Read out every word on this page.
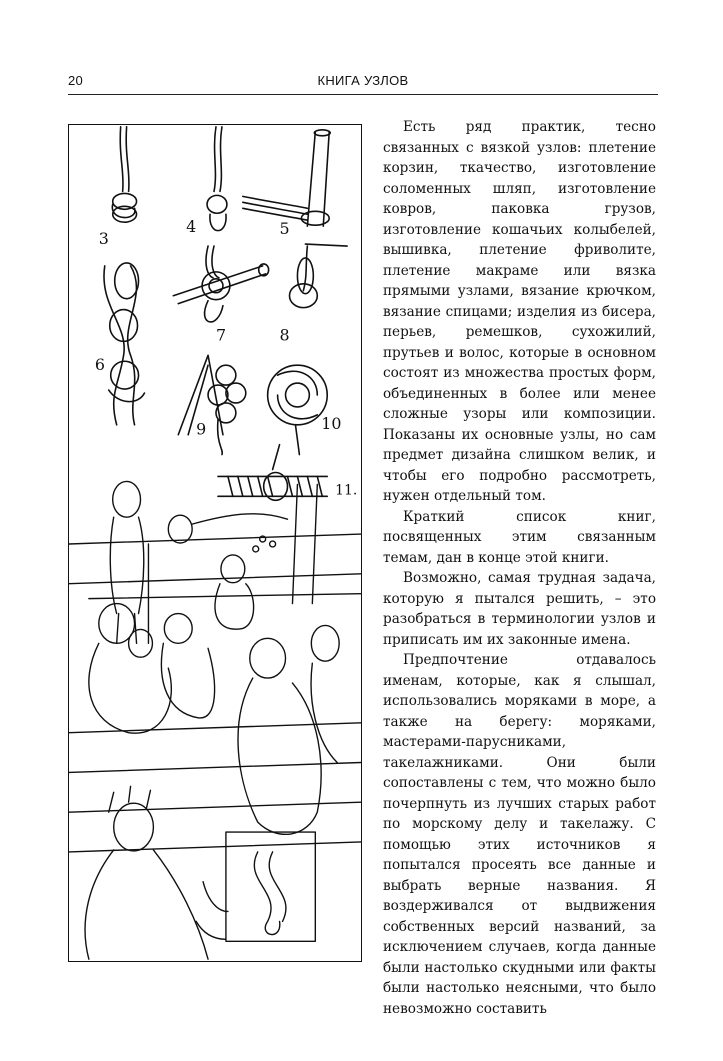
20	КНИГА УЗЛОВ
3
4	5
6
7	8
9	10
11.

Есть ряд практик, тесно связанных с вязкой узлов: плетение корзин, ткачество, изготовление соломенных шляп, изготовление ковров, паковка грузов, изготовление кошачьих колыбелей, вышивка, плетение фриволите, плетение макраме или вязка прямыми узлами, вязание крючком, вязание спицами; изделия из бисера, перьев, ремешков, сухожилий, прутьев и волос, которые в основном состоят из множества простых форм, объединенных в более или менее сложные узоры или композиции. Показаны их основные узлы, но сам предмет дизайна слишком велик, и чтобы его подробно рассмотреть, нужен отдельный том.

Краткий список книг, посвященных этим связанным темам, дан в конце этой книги.

Возможно, самая трудная задача, которую я пытался решить, – это разобраться в терминологии узлов и приписать им их законные имена.

Предпочтение отдавалось именам, которые, как я слышал, использовались моряками в море, а также на берегу: моряками, мастерами-парусниками, такелажниками. Они были сопоставлены с тем, что можно было почерпнуть из лучших старых работ по морскому делу и такелажу. С помощью этих источников я попытался просеять все данные и выбрать верные названия. Я воздерживался от выдвижения собственных версий названий, за исключением случаев, когда данные были настолько скудными или факты были настолько неясными, что было невозможно составить
